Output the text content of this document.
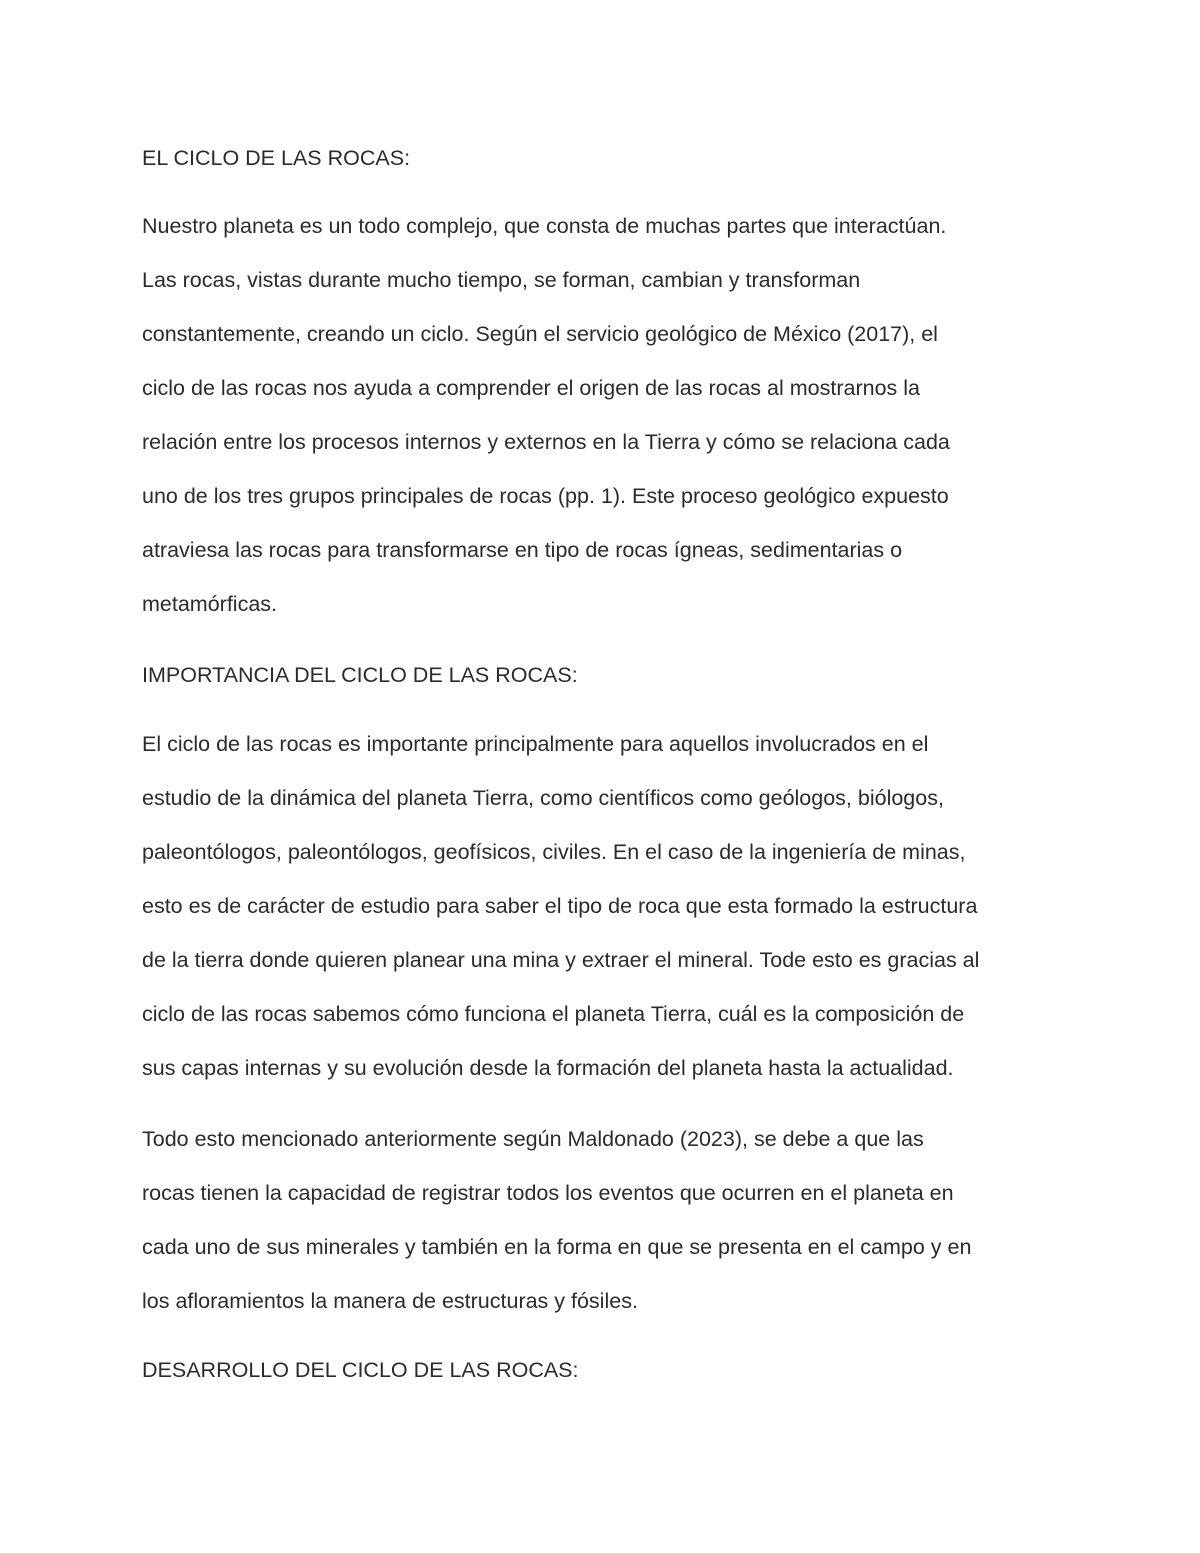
EL CICLO DE LAS ROCAS:

Nuestro planeta es un todo complejo, que consta de muchas partes que interactúan.
Las rocas, vistas durante mucho tiempo, se forman, cambian y transforman
constantemente, creando un ciclo. Según el servicio geológico de México (2017), el
ciclo de las rocas nos ayuda a comprender el origen de las rocas al mostrarnos la
relación entre los procesos internos y externos en la Tierra y cómo se relaciona cada
uno de los tres grupos principales de rocas (pp. 1). Este proceso geológico expuesto
atraviesa las rocas para transformarse en tipo de rocas ígneas, sedimentarias o
metamórficas.

IMPORTANCIA DEL CICLO DE LAS ROCAS:

El ciclo de las rocas es importante principalmente para aquellos involucrados en el
estudio de la dinámica del planeta Tierra, como científicos como geólogos, biólogos,
paleontólogos, paleontólogos, geofísicos, civiles. En el caso de la ingeniería de minas,
esto es de carácter de estudio para saber el tipo de roca que esta formado la estructura
de la tierra donde quieren planear una mina y extraer el mineral. Tode esto es gracias al
ciclo de las rocas sabemos cómo funciona el planeta Tierra, cuál es la composición de
sus capas internas y su evolución desde la formación del planeta hasta la actualidad.

Todo esto mencionado anteriormente según Maldonado (2023), se debe a que las
rocas tienen la capacidad de registrar todos los eventos que ocurren en el planeta en
cada uno de sus minerales y también en la forma en que se presenta en el campo y en
los afloramientos la manera de estructuras y fósiles.

DESARROLLO DEL CICLO DE LAS ROCAS:
